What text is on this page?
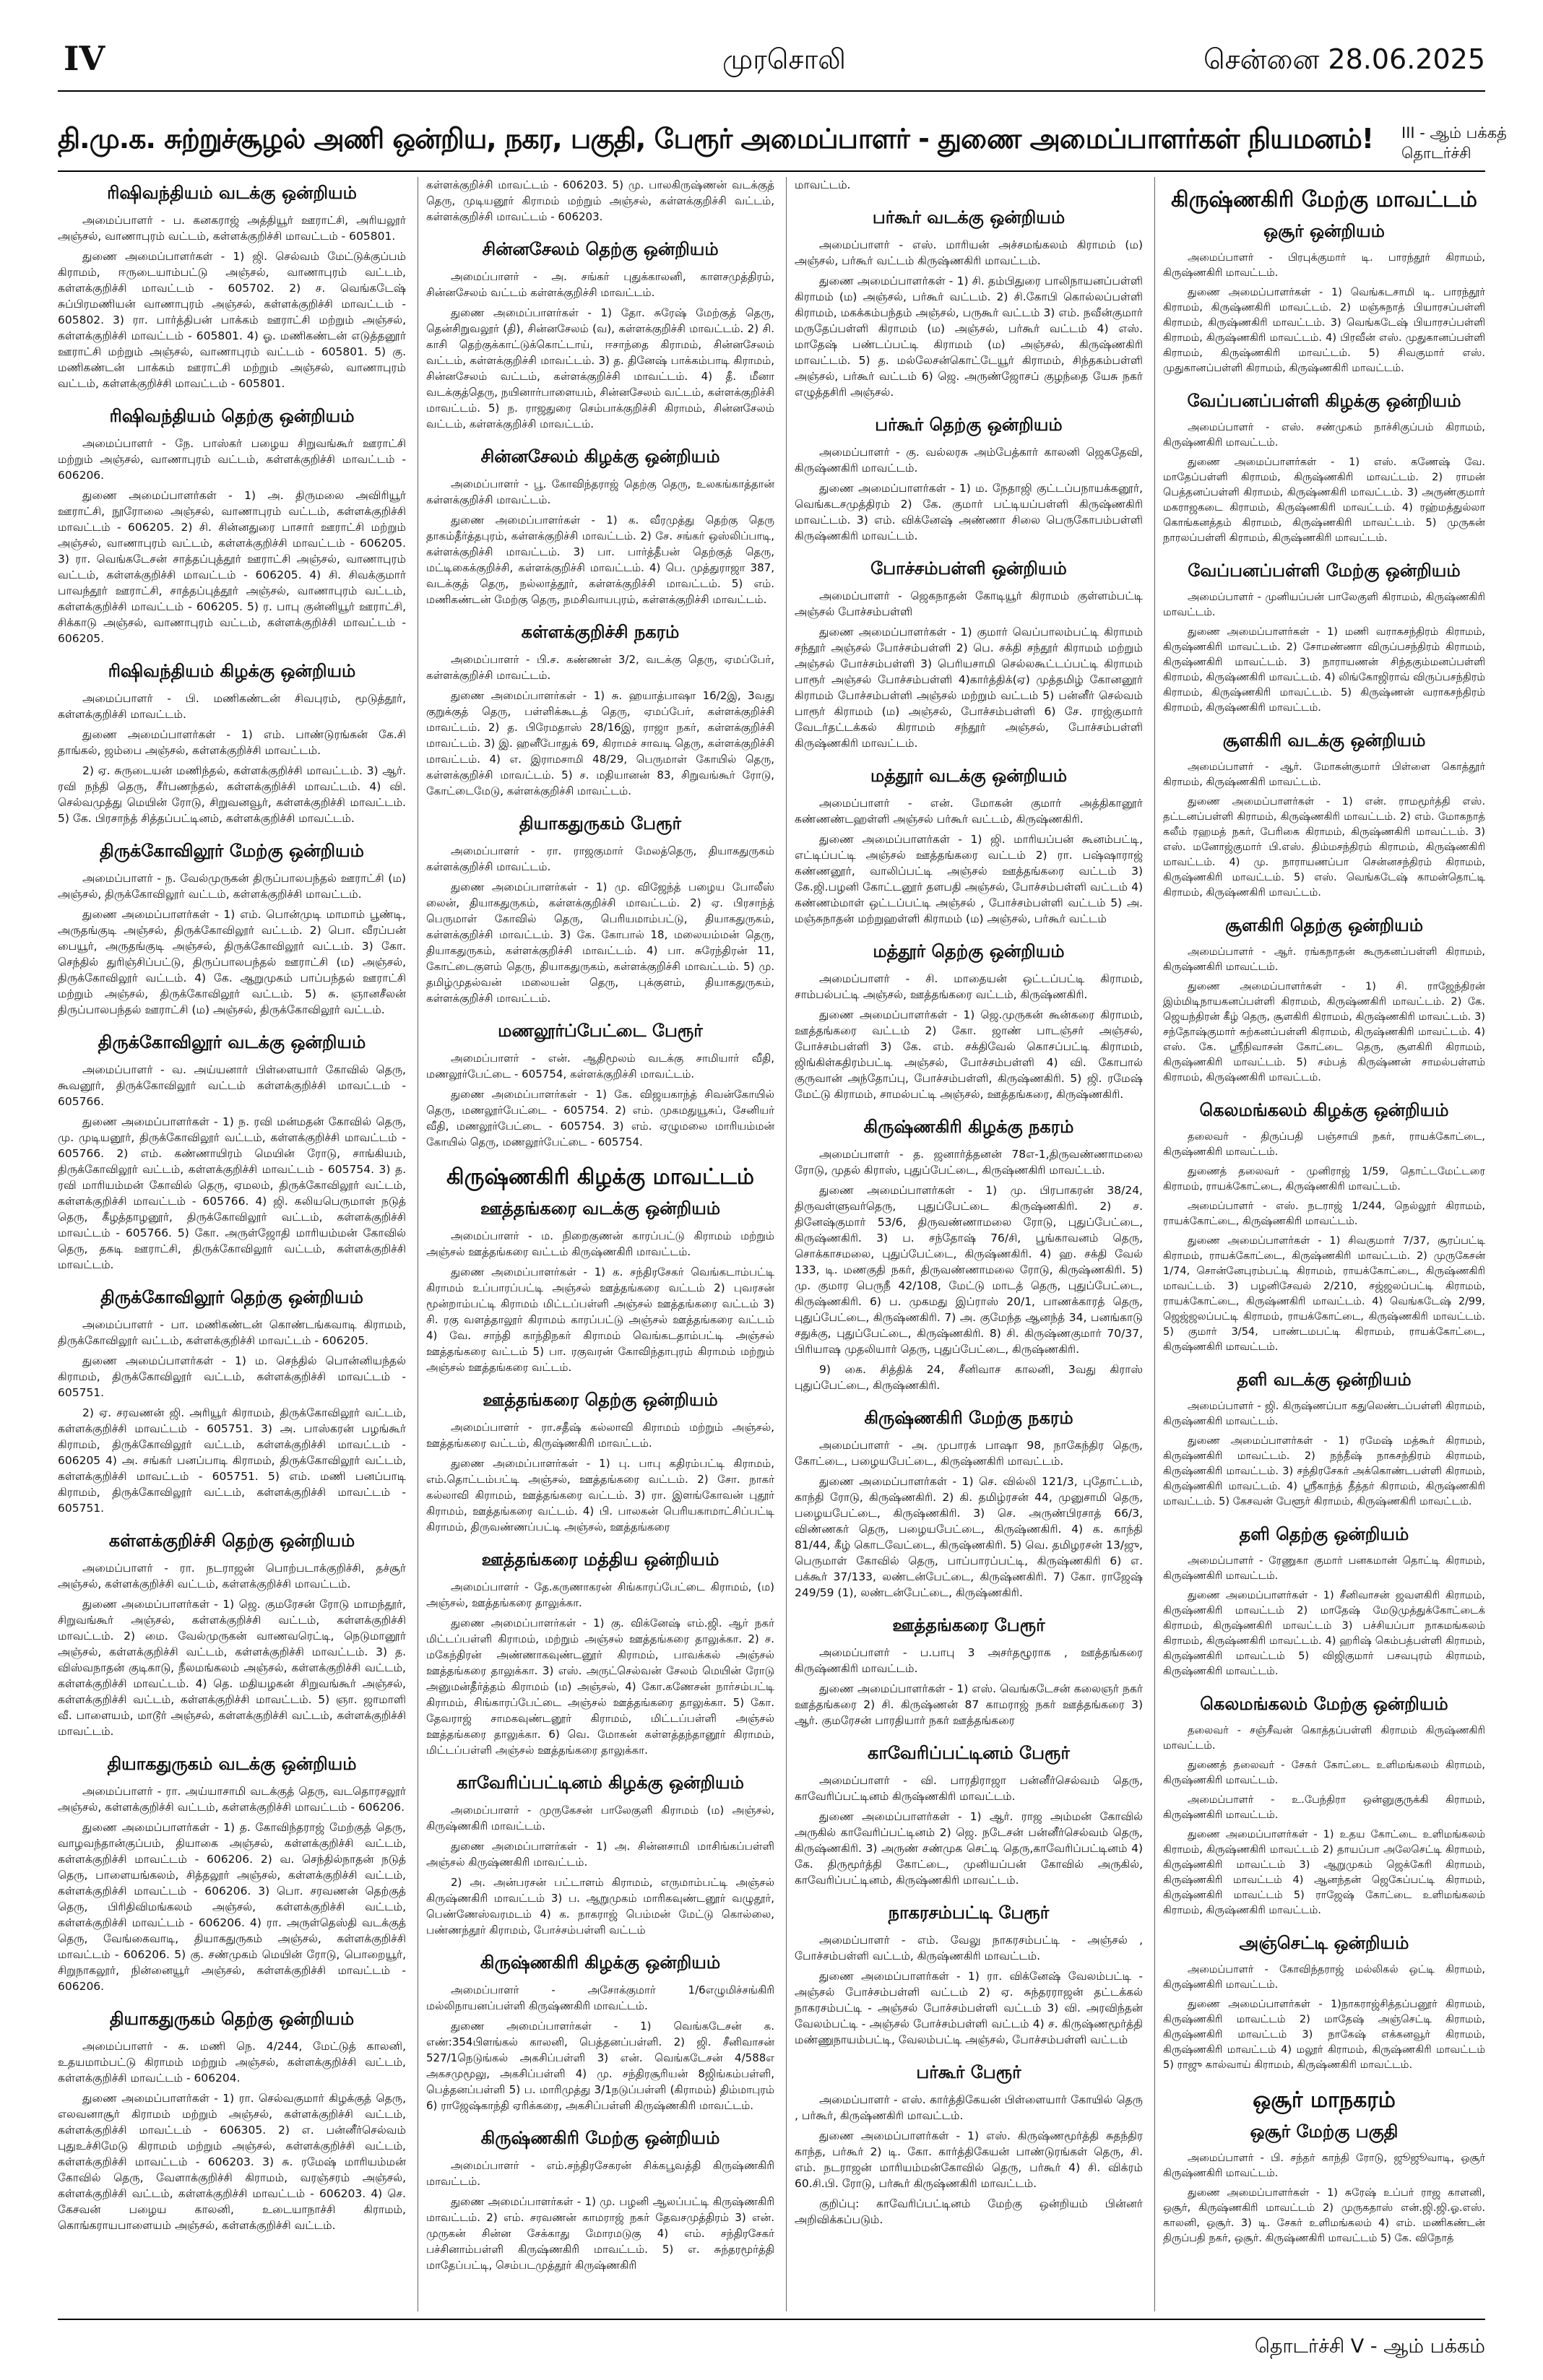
IV	முரசொலி	சென்னை 28.06.2025
தி.மு.க. சுற்றுச்சூழல் அணி ஒன்றிய, நகர, பகுதி, பேரூர் அமைப்பாளர் - துணை அமைப்பாளர்கள் நியமனம்! III - ஆம் பக்கத்
தொடர்ச்சி
ரிஷிவந்தியம் வடக்கு ஒன்றியம்

அமைப்பாளர் - ப. கனகராஜ் அத்தியூர் ஊராட்சி, அரியலூர் அஞ்சல், வாணாபுரம் வட்டம், கள்ளக்குறிச்சி மாவட்டம் - 605801.

துணை அமைப்பாளர்கள் - 1) ஜி. செல்வம் மேட்டுக்குப்பம் கிராமம், ஈருடையாம்பட்டு அஞ்சல், வாணாபுரம் வட்டம், கள்ளக்குறிச்சி மாவட்டம் - 605702. 2) ச. வெங்கடேஷ் சுப்பிரமணியன் வாணாபுரம் அஞ்சல், கள்ளக்குறிச்சி மாவட்டம் - 605802. 3) ரா. பார்த்திபன் பாக்கம் ஊராட்சி மற்றும் அஞ்சல், கள்ளக்குறிச்சி மாவட்டம் - 605801. 4) ஓ. மணிகண்டன் எடுத்தனூர் ஊராட்சி மற்றும் அஞ்சல், வாணாபுரம் வட்டம் - 605801. 5) கு. மணிகண்டன் பாக்கம் ஊராட்சி மற்றும் அஞ்சல், வாணாபுரம் வட்டம், கள்ளக்குறிச்சி மாவட்டம் - 605801.

ரிஷிவந்தியம் தெற்கு ஒன்றியம்

அமைப்பாளர் - நே. பாஸ்கர் பழைய சிறுவங்கூர் ஊராட்சி மற்றும் அஞ்சல், வாணாபுரம் வட்டம், கள்ளக்குறிச்சி மாவட்டம் - 606206.

துணை அமைப்பாளர்கள் - 1) அ. திருமலை அவிரியூர் ஊராட்சி, நூரோலை அஞ்சல், வாணாபுரம் வட்டம், கள்ளக்குறிச்சி மாவட்டம் - 606205. 2) சி. சின்னதுரை பாசார் ஊராட்சி மற்றும் அஞ்சல், வாணாபுரம் வட்டம், கள்ளக்குறிச்சி மாவட்டம் - 606205. 3) ரா. வெங்கடேசன் சாத்தப்புத்தூர் ஊராட்சி அஞ்சல், வாணாபுரம் வட்டம், கள்ளக்குறிச்சி மாவட்டம் - 606205. 4) சி. சிவக்குமார் பாவந்தூர் ஊராட்சி, சாத்தப்புத்தூர் அஞ்சல், வாணாபுரம் வட்டம், கள்ளக்குறிச்சி மாவட்டம் - 606205. 5) ர. பாபு குன்னியூர் ஊராட்சி, சிக்காடு அஞ்சல், வாணாபுரம் வட்டம், கள்ளக்குறிச்சி மாவட்டம் - 606205.

ரிஷிவந்தியம் கிழக்கு ஒன்றியம்

அமைப்பாளர் - பி. மணிகண்டன் சிவபுரம், மூடுத்தூர், கள்ளக்குறிச்சி மாவட்டம்.

துணை அமைப்பாளர்கள் - 1) எம். பாண்டுரங்கன் கே.சி தாங்கல், ஜம்பை அஞ்சல், கள்ளக்குறிச்சி மாவட்டம்.

2) ஏ. சுருடையன் மணிந்தல், கள்ளக்குறிச்சி மாவட்டம். 3) ஆர். ரவி நந்தி தெரு, சீர்பணந்தல், கள்ளக்குறிச்சி மாவட்டம். 4) வி. செல்வமுத்து மெயின் ரோடு, சிறுவனவூர், கள்ளக்குறிச்சி மாவட்டம். 5) கே. பிரசாந்த் சித்தப்பட்டினம், கள்ளக்குறிச்சி மாவட்டம்.

திருக்கோவிலூர் மேற்கு ஒன்றியம்

அமைப்பாளர் - ந. வேல்முருகன் திருப்பாலபந்தல் ஊராட்சி (ம) அஞ்சல், திருக்கோவிலூர் வட்டம், கள்ளக்குறிச்சி மாவட்டம்.

துணை அமைப்பாளர்கள் - 1) எம். பொன்முடி மாமாம் பூண்டி, அருதங்குடி அஞ்சல், திருக்கோவிலூர் வட்டம். 2) பொ. வீரப்பன் பையூர், அருதங்குடி அஞ்சல், திருக்கோவிலூர் வட்டம். 3) கோ. செந்தில் துரிஞ்சிப்பட்டு, திருப்பாலபந்தல் ஊராட்சி (ம) அஞ்சல், திருக்கோவிலூர் வட்டம். 4) கே. ஆறுமுகம் பாப்பந்தல் ஊராட்சி மற்றும் அஞ்சல், திருக்கோவிலூர் வட்டம். 5) சு. ஞானசீலன் திருப்பாலபந்தல் ஊராட்சி (ம) அஞ்சல், திருக்கோவிலூர் வட்டம்.

திருக்கோவிலூர் வடக்கு ஒன்றியம்

அமைப்பாளர் - வ. அய்யனார் பிள்ளையார் கோவில் தெரு, கூவனூர், திருக்கோவிலூர் வட்டம் கள்ளக்குறிச்சி மாவட்டம் - 605766.

துணை அமைப்பாளர்கள் - 1) ந. ரவி மன்மதன் கோவில் தெரு, மு. முடியனூர், திருக்கோவிலூர் வட்டம், கள்ளக்குறிச்சி மாவட்டம் - 605766. 2) எம். கண்ணாயிரம் மெயின் ரோடு, சாங்கியம், திருக்கோவிலூர் வட்டம், கள்ளக்குறிச்சி மாவட்டம் - 605754. 3) த. ரவி மாரியம்மன் கோவில் தெரு, ஏமலம், திருக்கோவிலூர் வட்டம், கள்ளக்குறிச்சி மாவட்டம் - 605766. 4) ஜி. கலியபெருமாள் நடுத் தெரு, கீழத்தாழனூர், திருக்கோவிலூர் வட்டம், கள்ளக்குறிச்சி மாவட்டம் - 605766. 5) கோ. அருள்ஜோதி மாரியம்மன் கோவில் தெரு, தகடி ஊராட்சி, திருக்கோவிலூர் வட்டம், கள்ளக்குறிச்சி மாவட்டம்.

திருக்கோவிலூர் தெற்கு ஒன்றியம்

அமைப்பாளர் - பா. மணிகண்டன் கொண்டங்கவாடி கிராமம், திருக்கோவிலூர் வட்டம், கள்ளக்குறிச்சி மாவட்டம் - 606205.

துணை அமைப்பாளர்கள் - 1) ம. செந்தில் பொன்னியந்தல் கிராமம், திருக்கோவிலூர் வட்டம், கள்ளக்குறிச்சி மாவட்டம் - 605751.

2) ஏ. சரவணன் ஜி. அரியூர் கிராமம், திருக்கோவிலூர் வட்டம், கள்ளக்குறிச்சி மாவட்டம் - 605751. 3) அ. பாஸ்கரன் பழங்கூர் கிராமம், திருக்கோவிலூர் வட்டம், கள்ளக்குறிச்சி மாவட்டம் - 606205 4) அ. சங்கர் பனப்பாடி கிராமம், திருக்கோவிலூர் வட்டம், கள்ளக்குறிச்சி மாவட்டம் - 605751. 5) எம். மணி பனப்பாடி கிராமம், திருக்கோவிலூர் வட்டம், கள்ளக்குறிச்சி மாவட்டம் - 605751.

கள்ளக்குறிச்சி தெற்கு ஒன்றியம்

அமைப்பாளர் - ரா. நடராஜன் பொற்படாக்குறிச்சி, தச்சூர் அஞ்சல், கள்ளக்குறிச்சி வட்டம், கள்ளக்குறிச்சி மாவட்டம்.

துணை அமைப்பாளர்கள் - 1) ஜெ. குமரேசன் ரோடு மாமந்தூர், சிறுவங்கூர் அஞ்சல், கள்ளக்குறிச்சி வட்டம், கள்ளக்குறிச்சி மாவட்டம். 2) மை. வேல்முருகன் வாணவரெட்டி, நெடுமானூர் அஞ்சல், கள்ளக்குறிச்சி வட்டம், கள்ளக்குறிச்சி மாவட்டம். 3) த. விஸ்வநாதன் குடிகாடு, நீலமங்கலம் அஞ்சல், கள்ளக்குறிச்சி வட்டம், கள்ளக்குறிச்சி மாவட்டம். 4) தெ. மதியழகன் சிறுவங்கூர் அஞ்சல், கள்ளக்குறிச்சி வட்டம், கள்ளக்குறிச்சி மாவட்டம். 5) ஞா. ஜாமாளி வீ. பாளையம், மாடூர் அஞ்சல், கள்ளக்குறிச்சி வட்டம், கள்ளக்குறிச்சி மாவட்டம்.

தியாகதுருகம் வடக்கு ஒன்றியம்

அமைப்பாளர் - ரா. அய்யாசாமி வடக்குத் தெரு, வடதொரசலூர் அஞ்சல், கள்ளக்குறிச்சி வட்டம், கள்ளக்குறிச்சி மாவட்டம் - 606206.

துணை அமைப்பாளர்கள் - 1) த. கோவிந்தராஜ் மேற்குத் தெரு, வாழவந்தான்குப்பம், தியாகை அஞ்சல், கள்ளக்குறிச்சி வட்டம், கள்ளக்குறிச்சி மாவட்டம் - 606206. 2) வ. செந்தில்நாதன் நடுத் தெரு, பாளையங்கலம், சித்தலூர் அஞ்சல், கள்ளக்குறிச்சி வட்டம், கள்ளக்குறிச்சி மாவட்டம் - 606206. 3) பொ. சரவணன் தெற்குத் தெரு, பிரிதிவிமங்கலம் அஞ்சல், கள்ளக்குறிச்சி வட்டம், கள்ளக்குறிச்சி மாவட்டம் - 606206. 4) ரா. அருள்தெஸ்தி வடக்குத் தெரு, வேங்கைவாடி, தியாகதுருகம் அஞ்சல், கள்ளக்குறிச்சி மாவட்டம் - 606206. 5) கு. சண்முகம் மெயின் ரோடு, பொறையூர், சிறுநாகலூர், நின்னையூர் அஞ்சல், கள்ளக்குறிச்சி மாவட்டம் - 606206.

தியாகதுருகம் தெற்கு ஒன்றியம்

அமைப்பாளர் - சு. மணி நெ. 4/244, மேட்டுத் காலனி, உதயமாம்பட்டு கிராமம் மற்றும் அஞ்சல், கள்ளக்குறிச்சி வட்டம், கள்ளக்குறிச்சி மாவட்டம் - 606204.

துணை அமைப்பாளர்கள் - 1) ரா. செல்வகுமார் கிழக்குத் தெரு, எலவனாசூர் கிராமம் மற்றும் அஞ்சல், கள்ளக்குறிச்சி வட்டம், கள்ளக்குறிச்சி மாவட்டம் - 606305. 2) எ. பன்னீர்செல்வம் புதுஉச்சிமேடு கிராமம் மற்றும் அஞ்சல், கள்ளக்குறிச்சி வட்டம், கள்ளக்குறிச்சி மாவட்டம் - 606203. 3) சு. ரமேஷ் மாரியம்மன் கோவில் தெரு, வேளாக்குறிச்சி கிராமம், வரஞ்சரம் அஞ்சல், கள்ளக்குறிச்சி வட்டம், கள்ளக்குறிச்சி மாவட்டம் - 606203. 4) செ. கேசவன் பழைய காலனி, உடையாநாச்சி கிராமம், கொங்கராயபாளையம் அஞ்சல், கள்ளக்குறிச்சி வட்டம்.

கள்ளக்குறிச்சி மாவட்டம் - 606203. 5) மு. பாலகிருஷ்ணன் வடக்குத் தெரு, முடியனூர் கிராமம் மற்றும் அஞ்சல், கள்ளக்குறிச்சி வட்டம், கள்ளக்குறிச்சி மாவட்டம் - 606203.

சின்னசேலம் தெற்கு ஒன்றியம்

அமைப்பாளர் - அ. சங்கர் புதுக்காலனி, காளசமுத்திரம், சின்னசேலம் வட்டம் கள்ளக்குறிச்சி மாவட்டம்.

துணை அமைப்பாளர்கள் - 1) தோ. சுரேஷ் மேற்குத் தெரு, தென்சிறுவலூர் (தி), சின்னசேலம் (வ), கள்ளக்குறிச்சி மாவட்டம். 2) சி. காசி தெற்குக்காட்டுக்கொட்டாய், ஈசாந்தை கிராமம், சின்னசேலம் வட்டம், கள்ளக்குறிச்சி மாவட்டம். 3) த. தினேஷ் பாக்கம்பாடி கிராமம், சின்னசேலம் வட்டம், கள்ளக்குறிச்சி மாவட்டம். 4) தீ. மீனா வடக்குத்தெரு, நயினார்பாளையம், சின்னசேலம் வட்டம், கள்ளக்குறிச்சி மாவட்டம். 5) ந. ராஜதுரை செம்பாக்குறிச்சி கிராமம், சின்னசேலம் வட்டம், கள்ளக்குறிச்சி மாவட்டம்.

சின்னசேலம் கிழக்கு ஒன்றியம்

அமைப்பாளர் - பூ. கோவிந்தராஜ் தெற்கு தெரு, உலகங்காத்தான் கள்ளக்குறிச்சி மாவட்டம்.

துணை அமைப்பாளர்கள் - 1) க. வீரமுத்து தெற்கு தெரு தாகம்தீர்த்தபுரம், கள்ளக்குறிச்சி மாவட்டம். 2) சே. சங்கர் ஒஸ்லிப்பாடி, கள்ளக்குறிச்சி மாவட்டம். 3) பா. பார்த்தீபன் தெற்குத் தெரு, மட்டிகைக்குறிச்சி, கள்ளக்குறிச்சி மாவட்டம். 4) பெ. முத்துராஜா 387, வடக்குத் தெரு, நல்லாத்தூர், கள்ளக்குறிச்சி மாவட்டம். 5) எம். மணிகண்டன் மேற்கு தெரு, நமசிவாயபுரம், கள்ளக்குறிச்சி மாவட்டம்.

கள்ளக்குறிச்சி நகரம்

அமைப்பாளர் - பி.ச. கண்ணன் 3/2, வடக்கு தெரு, ஏமப்பேர், கள்ளக்குறிச்சி மாவட்டம்.

துணை அமைப்பாளர்கள் - 1) சு. ஹயாத்பாஷா 16/2இ, 3வது குறுக்குத் தெரு, பள்ளிக்கூடத் தெரு, ஏமப்பேர், கள்ளக்குறிச்சி மாவட்டம். 2) த. பிரேமதாஸ் 28/16இ, ராஜா நகர், கள்ளக்குறிச்சி மாவட்டம். 3) இ. ஹனீபோதுக் 69, கிராமச் சாவடி தெரு, கள்ளக்குறிச்சி மாவட்டம். 4) எ. இராமசாமி 48/29, பெருமாள் கோயில் தெரு, கள்ளக்குறிச்சி மாவட்டம். 5) ச. மதியானன் 83, சிறுவங்கூர் ரோடு, கோட்டைமேடு, கள்ளக்குறிச்சி மாவட்டம்.

தியாகதுருகம் பேரூர்

அமைப்பாளர் - ரா. ராஜகுமார் மேலத்தெரு, தியாகதுருகம் கள்ளக்குறிச்சி மாவட்டம்.

துணை அமைப்பாளர்கள் - 1) மு. விஜேந்த் பழைய போலீஸ் லைன், தியாகதுருகம், கள்ளக்குறிச்சி மாவட்டம். 2) ஏ. பிரசாந்த் பெருமாள் கோவில் தெரு, பெரியமாம்பட்டு, தியாகதுருகம், கள்ளக்குறிச்சி மாவட்டம். 3) கே. கோபால் 18, மலையம்மன் தெரு, தியாகதுருகம், கள்ளக்குறிச்சி மாவட்டம். 4) பா. சுரேந்திரன் 11, கோட்டைகுளம் தெரு, தியாகதுருகம், கள்ளக்குறிச்சி மாவட்டம். 5) மு. தமிழ்முதல்வன் மலையன் தெரு, புக்குளம், தியாகதுருகம், கள்ளக்குறிச்சி மாவட்டம்.

மணலூர்ப்பேட்டை பேரூர்

அமைப்பாளர் - என். ஆதிமூலம் வடக்கு சாமியார் வீதி, மணலூர்பேட்டை - 605754, கள்ளக்குறிச்சி மாவட்டம்.

துணை அமைப்பாளர்கள் - 1) கே. விஜயகாந்த் சிவன்கோயில் தெரு, மணலூர்பேட்டை - 605754. 2) எம். முகமதுயூசுப், சேனியர் வீதி, மணலூர்பேட்டை - 605754. 3) எம். ஏழுமலை மாரியம்மன் கோயில் தெரு, மணலூர்பேட்டை - 605754.

கிருஷ்ணகிரி கிழக்கு மாவட்டம்
ஊத்தங்கரை வடக்கு ஒன்றியம்

அமைப்பாளர் - ம. நிறைகுணன் காரப்பட்டு கிராமம் மற்றும் அஞ்சல் ஊத்தங்கரை வட்டம் கிருஷ்ணகிரி மாவட்டம்.

துணை அமைப்பாளர்கள் - 1) க. சந்திரசேகர் வெங்கடாம்பட்டி கிராமம் உப்பாரப்பட்டி அஞ்சல் ஊத்தங்கரை வட்டம் 2) புவரசன் மூன்றாம்பட்டி கிராமம் மிட்டப்பள்ளி அஞ்சல் ஊத்தங்கரை வட்டம் 3) சி. ரகு வளத்தாலூர் கிராமம் காரப்பட்டு அஞ்சல் ஊத்தங்கரை வட்டம் 4) வே. சாந்தி காந்திநகர் கிராமம் வெங்கடதாம்பட்டி அஞ்சல் ஊத்தங்கரை வட்டம் 5) பா. ரகுவரன் கோவிந்தாபுரம் கிராமம் மற்றும் அஞ்சல் ஊத்தங்கரை வட்டம்.

ஊத்தங்கரை தெற்கு ஒன்றியம்

அமைப்பாளர் - ரா.சதீஷ் கல்லாவி கிராமம் மற்றும் அஞ்சல், ஊத்தங்கரை வட்டம், கிருஷ்ணகிரி மாவட்டம்.

துணை அமைப்பாளர்கள் - 1) பு. பாபு கதிரம்பட்டி கிராமம், எம்.தொட்டம்பட்டி அஞ்சல், ஊத்தங்கரை வட்டம். 2) சோ. நாகர் கல்லாவி கிராமம், ஊத்தங்கரை வட்டம். 3) ரா. இளங்கோவன் புதூர் கிராமம், ஊத்தங்கரை வட்டம். 4) பி. பாலகன் பெரியகாமாட்சிப்பட்டி கிராமம், திருவண்ணப்பட்டி அஞ்சல், ஊத்தங்கரை

ஊத்தங்கரை மத்திய ஒன்றியம்

அமைப்பாளர் - தே.கருணாகரன் சிங்காரப்பேட்டை கிராமம், (ம) அஞ்சல், ஊத்தங்கரை தாலுக்கா.

துணை அமைப்பாளர்கள் - 1) கு. விக்னேஷ் எம்.ஜி. ஆர் நகர் மிட்டப்பள்ளி கிராமம், மற்றும் அஞ்சல் ஊத்தங்கரை தாலுக்கா. 2) ச. மகேந்திரன் அண்ணாகவுண்டனூர் கிராமம், பாவக்கல் அஞ்சல் ஊத்தங்கரை தாலுக்கா. 3) எஸ். அருட்செல்வன் சேலம் மெயின் ரோடு அனுமன்தீர்த்தம் கிராமம் (ம) அஞ்சல், 4) கோ.கணேசன் நார்சம்பட்டி கிராமம், சிங்காரப்பேட்டை அஞ்சல் ஊத்தங்கரை தாலுக்கா. 5) கோ. தேவராஜ் சாமகவுண்டனூர் கிராமம், மிட்டப்பள்ளி அஞ்சல் ஊத்தங்கரை தாலுக்கா. 6) வெ. மோகன் கள்ளத்தந்தானூர் கிராமம், மிட்டப்பள்ளி அஞ்சல் ஊத்தங்கரை தாலுக்கா.

காவேரிப்பட்டினம் கிழக்கு ஒன்றியம்

அமைப்பாளர் - முருகேசன் பாலேகுளி கிராமம் (ம) அஞ்சல், கிருஷ்ணகிரி மாவட்டம்.

துணை அமைப்பாளர்கள் - 1) அ. சின்னசாமி மாசிங்கப்பள்ளி அஞ்சல் கிருஷ்ணகிரி மாவட்டம்.

2) அ. அன்பரசன் பட்டாளம் கிராமம், எருமாம்பட்டி அஞ்சல் கிருஷ்ணகிரி மாவட்டம் 3) ப. ஆறுமுகம் மாரிகவுண்டனூர் வழுதூர், பெண்ணேஸ்வரமடம் 4) க. நாகராஜ் பெம்மன் மேட்டு கொல்லை, பண்ணந்தூர் கிராமம், போச்சம்பள்ளி வட்டம்

கிருஷ்ணகிரி கிழக்கு ஒன்றியம்

அமைப்பாளர் - அசோக்குமார் 1/6எழுமிச்சங்கிரி மல்லிநாயனப்பள்ளி கிருஷ்ணகிரி மாவட்டம்.

துணை அமைப்பாளர்கள் - 1) வெங்கடேசன் க. எண்:354பிளங்கல் காலனி, பெத்தனப்பள்ளி. 2) ஜி. சீனிவாசன் 527/1நெடுங்கல் அகசிப்பள்ளி 3) என். வெங்கடேசன் 4/588எ அகசமுமூலு, அகசிப்பள்ளி 4) மு. சந்திரசூரியன் 8ஜிங்கம்பள்ளி, பெத்தனப்பள்ளி 5) ப. மாரிமுத்து 3/1நடுப்பள்ளி (கிராமம்) திம்மாபுரம் 6) ராஜேஷ்காந்தி ஏரிக்கரை, அகசிப்பள்ளி கிருஷ்ணகிரி மாவட்டம்.

கிருஷ்ணகிரி மேற்கு ஒன்றியம்

அமைப்பாளர் - எம்.சந்திரசேகரன் சிக்கபூவத்தி கிருஷ்ணகிரி மாவட்டம்.

துணை அமைப்பாளர்கள் - 1) மு. பழனி ஆலப்பட்டி கிருஷ்ணகிரி மாவட்டம். 2) எம். சரவணன் காமராஜ் நகர் தேவசமுத்திரம் 3) என். முருகன் சின்ன சேக்காது மோரமடுகு 4) எம். சந்திரசேகர் பச்சினாம்பள்ளி கிருஷ்ணகிரி மாவட்டம். 5) எ. சுந்தரமூர்த்தி மாதேப்பட்டி, செம்படமுத்தூர் கிருஷ்ணகிரி

மாவட்டம்.

பர்கூர் வடக்கு ஒன்றியம்

அமைப்பாளர் - எஸ். மாரியன் அச்சமங்கலம் கிராமம் (ம) அஞ்சல், பர்கூர் வட்டம் கிருஷ்ணகிரி மாவட்டம்.

துணை அமைப்பாளர்கள் - 1) சி. தம்பிதுரை பாலிநாயனப்பள்ளி கிராமம் (ம) அஞ்சல், பர்கூர் வட்டம். 2) சி.கோபி கொல்லப்பள்ளி கிராமம், மகக்கம்பந்தம் அஞ்சல், பருகூர் வட்டம் 3) எம். நவீன்குமார் மருதேப்பள்ளி கிராமம் (ம) அஞ்சல், பர்கூர் வட்டம் 4) எஸ். மாதேஷ் பண்டப்பட்டி கிராமம் (ம) அஞ்சல், கிருஷ்ணகிரி மாவட்டம். 5) த. மல்லேசன்கொட்டேயூர் கிராமம், சிந்தகம்பள்ளி அஞ்சல், பர்கூர் வட்டம் 6) ஜெ. அருண்ஜோசப் குழந்தை யேசு நகர் எழுத்தசிரி அஞ்சல்.

பர்கூர் தெற்கு ஒன்றியம்

அமைப்பாளர் - கு. வல்லரசு அம்பேத்கார் காலனி ஜெகதேவி, கிருஷ்ணகிரி மாவட்டம்.

துணை அமைப்பாளர்கள் - 1) ம. நேதாஜி குட்டப்பநாயக்கனூர், வெங்கடசமுத்திரம் 2) கே. குமார் பட்டியப்பள்ளி கிருஷ்ணகிரி மாவட்டம். 3) எம். விக்னேஷ் அண்ணா சிலை பெருகோபம்பள்ளி கிருஷ்ணகிரி மாவட்டம்.

போச்சம்பள்ளி ஒன்றியம்

அமைப்பாளர் - ஜெகநாதன் கோடியூர் கிராமம் குள்ளம்பட்டி அஞ்சல் போச்சம்பள்ளி

துணை அமைப்பாளர்கள் - 1) குமார் வெப்பாலம்பட்டி கிராமம் சந்தூர் அஞ்சல் போச்சம்பள்ளி 2) பெ. சக்தி சந்தூர் கிராமம் மற்றும் அஞ்சல் போச்சம்பள்ளி 3) பெரியசாமி செல்லகூட்டப்பட்டி கிராமம் பாரூர் அஞ்சல் போச்சம்பள்ளி 4)கார்த்திக்(ஏ) முத்தமிழ் கோனனூர் கிராமம் போச்சம்பள்ளி அஞ்சல் மற்றும் வட்டம் 5) பன்னீர் செல்வம் பாரூர் கிராமம் (ம) அஞ்சல், போச்சம்பள்ளி 6) சே. ராஜ்குமார் வேடர்தட்டக்கல் கிராமம் சந்தூர் அஞ்சல், போச்சம்பள்ளி கிருஷ்ணகிரி மாவட்டம்.

மத்தூர் வடக்கு ஒன்றியம்

அமைப்பாளர் - என். மோகன் குமார் அத்திகானூர் கண்ணண்டஹள்ளி அஞ்சல் பர்கூர் வட்டம், கிருஷ்ணகிரி.

துணை அமைப்பாளர்கள் - 1) ஜி. மாரியப்பன் கூனம்பட்டி, எட்டிப்பட்டி அஞ்சல் ஊத்தங்கரை வட்டம் 2) ரா. பஷ்ஷாராஜ் கண்ணனூர், வாலிப்பட்டி அஞ்சல் ஊத்தங்கரை வட்டம் 3) கே.ஜி.பழனி கோட்டனூர் தளபதி அஞ்சல், போச்சம்பள்ளி வட்டம் 4) கண்ணம்மாள் ஒட்டப்பட்டி அஞ்சல் , போச்சம்பள்ளி வட்டம் 5) அ. மஞ்சுநாதன் மற்றுஹள்ளி கிராமம் (ம) அஞ்சல், பர்கூர் வட்டம்

மத்தூர் தெற்கு ஒன்றியம்

அமைப்பாளர் - சி. மாதையன் ஒட்டப்பட்டி கிராமம், சாம்பல்பட்டி அஞ்சல், ஊத்தங்கரை வட்டம், கிருஷ்ணகிரி.

துணை அமைப்பாளர்கள் - 1) ஜெ.முருகன் கூன்கரை கிராமம், ஊத்தங்கரை வட்டம் 2) கோ. ஜாண் பாடஞ்சர் அஞ்சல், போச்சம்பள்ளி 3) கே. எம். சக்திவேல் கொசப்பட்டி கிராமம், ஜிங்கிள்கதிரம்பட்டி அஞ்சல், போச்சம்பள்ளி 4) வி. கோபால் குருவான் அந்தோப்பு, போச்சம்பள்ளி, கிருஷ்ணகிரி. 5) ஜி. ரமேஷ் மேட்டு கிராமம், சாமல்பட்டி அஞ்சல், ஊத்தங்கரை, கிருஷ்ணகிரி.

கிருஷ்ணகிரி கிழக்கு நகரம்

அமைப்பாளர் - த. ஜனார்த்தனன் 78எ-1,திருவண்ணாமலை ரோடு, முதல் கிராஸ், புதுப்பேட்டை, கிருஷ்ணகிரி மாவட்டம்.

துணை அமைப்பாளர்கள் - 1) மு. பிரபாகரன் 38/24, திருவள்ளுவர்தெரு, புதுப்பேட்டை கிருஷ்ணகிரி. 2) ச. தினேஷ்குமார் 53/6, திருவண்ணாமலை ரோடு, புதுப்பேட்டை, கிருஷ்ணகிரி. 3) ப. சந்தோஷ் 76/சி, பூங்காவனம் தெரு, சொக்காசமலை, புதுப்பேட்டை, கிருஷ்ணகிரி. 4) ஹ. சக்தி வேல் 133, டி. மணகுதி நகர், திருவண்ணாமலை ரோடு, கிருஷ்ணகிரி. 5) மு. குமார பெருநீ 42/108, மேட்டு மாடத் தெரு, புதுப்பேட்டை, கிருஷ்ணகிரி. 6) ப. முகமது இப்ராஸ் 20/1, பாணக்காரத் தெரு, புதுப்பேட்டை, கிருஷ்ணகிரி. 7) அ. குமேந்த ஆனந்த் 34, பனங்காடு சதுக்கு, புதுப்பேட்டை, கிருஷ்ணகிரி. 8) சி. கிருஷ்ணகுமார் 70/37, பிரியாஷ முதலியார் தெரு, புதுப்பேட்டை, கிருஷ்ணகிரி.

9) கை. சித்திக் 24, சீனிவாச காலனி, 3வது கிராஸ் புதுப்பேட்டை, கிருஷ்ணகிரி.

கிருஷ்ணகிரி மேற்கு நகரம்

அமைப்பாளர் - அ. முபாரக் பாஷா 98, நாகேந்திர தெரு, கோட்டை, பழையபேட்டை, கிருஷ்ணகிரி மாவட்டம்.

துணை அமைப்பாளர்கள் - 1) செ. வில்லி 121/3, புதோட்டம், காந்தி ரோடு, கிருஷ்ணகிரி. 2) கி. தமிழ்ரசன் 44, முனுசாமி தெரு, பழையபேட்டை, கிருஷ்ணகிரி. 3) செ. அருண்பிரசாத் 66/3, விண்ணகர் தெரு, பழையபேட்டை, கிருஷ்ணகிரி. 4) க. காந்தி 81/44, கீழ் கொடவேட்டை, கிருஷ்ணகிரி. 5) வெ. தமிழரசன் 13/ஜு, பெருமாள் கோவில் தெரு, பாப்பாரப்பட்டி, கிருஷ்ணகிரி 6) எ. பக்கூர் 37/133, லண்டன்பேட்டை, கிருஷ்ணகிரி. 7) கோ. ராஜேஷ் 249/59 (1), லண்டன்பேட்டை, கிருஷ்ணகிரி.

ஊத்தங்கரை பேரூர்

அமைப்பாளர் - ப.பாபு 3 அசர்தழூராக , ஊத்தங்கரை கிருஷ்ணகிரி மாவட்டம்.

துணை அமைப்பாளர்கள் - 1) எஸ். வெங்கடேசன் கலைஞர் நகர் ஊத்தங்கரை 2) சி. கிருஷ்ணன் 87 காமராஜ் நகர் ஊத்தங்கரை 3) ஆர். குமரேசன் பாரதியார் நகர் ஊத்தங்கரை

காவேரிப்பட்டினம் பேரூர்

அமைப்பாளர் - வி. பாரதிராஜா பன்னீர்செல்வம் தெரு, காவேரிப்பட்டினம் கிருஷ்ணகிரி மாவட்டம்.

துணை அமைப்பாளர்கள் - 1) ஆர். ராஜ அம்மன் கோவில் அருகில் காவேரிப்பட்டினம் 2) ஜெ. நடேசன் பன்னீர்செல்வம் தெரு, கிருஷ்ணகிரி. 3) அருண் சண்முக செட்டி தெரு,காவேரிப்பட்டினம் 4) கே. திருமூர்த்தி கோட்டை, முனியப்பன் கோவில் அருகில், காவேரிப்பட்டினம், கிருஷ்ணகிரி மாவட்டம்.

நாகரசம்பட்டி பேரூர்

அமைப்பாளர் - எம். வேலு நாகரசம்பட்டி - அஞ்சல் , போச்சம்பள்ளி வட்டம், கிருஷ்ணகிரி மாவட்டம்.

துணை அமைப்பாளர்கள் - 1) ரா. விக்னேஷ் வேலம்பட்டி - அஞ்சல் போச்சம்பள்ளி வட்டம் 2) ஏ. சுந்தரராஜன் தட்டக்கல் நாகரசம்பட்டி - அஞ்சல் போச்சம்பள்ளி வட்டம் 3) வி. அரவிந்தன் வேலம்பட்டி - அஞ்சல் போச்சம்பள்ளி வட்டம் 4) ச. கிருஷ்ணமூர்த்தி மண்ணுநாயம்பட்டி, வேலம்பட்டி அஞ்சல், போச்சம்பள்ளி வட்டம்

பர்கூர் பேரூர்

அமைப்பாளர் - எஸ். கார்த்திகேயன் பிள்ளையார் கோயில் தெரு , பர்கூர், கிருஷ்ணகிரி மாவட்டம்.

துணை அமைப்பாளர்கள் - 1) எஸ். கிருஷ்ணமூர்த்தி சுதந்திர காந்த, பர்கூர் 2) டி. கோ. கார்த்திகேயன் பாண்டுரங்கள் தெரு, சி. எம். நடராஜன் மாரியம்மன்கோவில் தெரு, பர்கூர் 4) சி. விக்ரம் 60.சி.பி. ரோடு, பர்கூர் கிருஷ்ணகிரி மாவட்டம்.

குறிப்பு: காவேரிப்பட்டினம் மேற்கு ஒன்றியம் பின்னர் அறிவிக்கப்படும்.

கிருஷ்ணகிரி மேற்கு மாவட்டம்
ஒசூர் ஒன்றியம்

அமைப்பாளர் - பிரபுக்குமார் டி. பாரந்தூர் கிராமம், கிருஷ்ணகிரி மாவட்டம்.

துணை அமைப்பாளர்கள் - 1) வெங்கடசாமி டி. பாரந்தூர் கிராமம், கிருஷ்ணகிரி மாவட்டம். 2) மஞ்சுநாத் பியாரசப்பள்ளி கிராமம், கிருஷ்ணகிரி மாவட்டம். 3) வெங்கடேஷ் பியாரசப்பள்ளி கிராமம், கிருஷ்ணகிரி மாவட்டம். 4) பிரவீன் எஸ். முதுகானப்பள்ளி கிராமம், கிருஷ்ணகிரி மாவட்டம். 5) சிவகுமார் எஸ். முதுகானப்பள்ளி கிராமம், கிருஷ்ணகிரி மாவட்டம்.

வேப்பனப்பள்ளி கிழக்கு ஒன்றியம்

அமைப்பாளர் - எஸ். சண்முகம் நாச்சிகுப்பம் கிராமம், கிருஷ்ணகிரி மாவட்டம்.

துணை அமைப்பாளர்கள் - 1) எஸ். கணேஷ் வே. மாதேப்பள்ளி கிராமம், கிருஷ்ணகிரி மாவட்டம். 2) ராமன் பெத்தனப்பள்ளி கிராமம், கிருஷ்ணகிரி மாவட்டம். 3) அருண்குமார் மகராஜகடை கிராமம், கிருஷ்ணகிரி மாவட்டம். 4) ரஹ்மத்துல்லா கொங்கனத்தம் கிராமம், கிருஷ்ணகிரி மாவட்டம். 5) முருகன் நாரலப்பள்ளி கிராமம், கிருஷ்ணகிரி மாவட்டம்.

வேப்பனப்பள்ளி மேற்கு ஒன்றியம்

அமைப்பாளர் - முனியப்பன் பாலேகுளி கிராமம், கிருஷ்ணகிரி மாவட்டம்.

துணை அமைப்பாளர்கள் - 1) மணி வராகசந்திரம் கிராமம், கிருஷ்ணகிரி மாவட்டம். 2) சோமண்ணா விருப்பசந்திரம் கிராமம், கிருஷ்ணகிரி மாவட்டம். 3) நாராயணன் சிந்தகும்மனப்பள்ளி கிராமம், கிருஷ்ணகிரி மாவட்டம். 4) லிங்கோஜிராவ் விருப்பசந்திரம் கிராமம், கிருஷ்ணகிரி மாவட்டம். 5) கிருஷ்ணன் வராகசந்திரம் கிராமம், கிருஷ்ணகிரி மாவட்டம்.

சூளகிரி வடக்கு ஒன்றியம்

அமைப்பாளர் - ஆர். மோகன்குமார் பிள்ளை கொத்தூர் கிராமம், கிருஷ்ணகிரி மாவட்டம்.

துணை அமைப்பாளர்கள் - 1) என். ராமமூர்த்தி எஸ். தட்டனப்பள்ளி கிராமம், கிருஷ்ணகிரி மாவட்டம். 2) எம். மோகநாத் கலீம் ரஹமத் நகர், பேரிகை கிராமம், கிருஷ்ணகிரி மாவட்டம். 3) எஸ். மனோஜ்குமார் பி.எஸ். திம்மசந்திரம் கிராமம், கிருஷ்ணகிரி மாவட்டம். 4) மு. நாராயணப்பா சென்னசந்திரம் கிராமம், கிருஷ்ணகிரி மாவட்டம். 5) எஸ். வெங்கடேஷ் காமன்தொட்டி கிராமம், கிருஷ்ணகிரி மாவட்டம்.

சூளகிரி தெற்கு ஒன்றியம்

அமைப்பாளர் - ஆர். ரங்கநாதன் கூருகனப்பள்ளி கிராமம், கிருஷ்ணகிரி மாவட்டம்.

துணை அமைப்பாளர்கள் - 1) சி. ராஜேந்திரன் இம்மிடிநாயகனப்பள்ளி கிராமம், கிருஷ்ணகிரி மாவட்டம். 2) கே. ஜெயந்திரன் கீழ் தெரு, சூளகிரி கிராமம், கிருஷ்ணகிரி மாவட்டம். 3) சந்தோஷ்குமார் சுற்கனப்பள்ளி கிராமம், கிருஷ்ணகிரி மாவட்டம். 4) எஸ். கே. ஸ்ரீநிவாசன் கோட்டை தெரு, சூளகிரி கிராமம், கிருஷ்ணகிரி மாவட்டம். 5) சம்பத் கிருஷ்ணன் சாமல்பள்ளம் கிராமம், கிருஷ்ணகிரி மாவட்டம்.

கெலமங்கலம் கிழக்கு ஒன்றியம்

தலைவர் - திருப்பதி பஞ்சாயி நகர், ராயக்கோட்டை, கிருஷ்ணகிரி மாவட்டம்.

துணைத் தலைவர் - முனிராஜ் 1/59, தொட்டமேட்டரை கிராமம், ராயக்கோட்டை, கிருஷ்ணகிரி மாவட்டம்.

அமைப்பாளர் - எஸ். நடராஜ் 1/244, நெல்லூர் கிராமம், ராயக்கோட்டை, கிருஷ்ணகிரி மாவட்டம்.

துணை அமைப்பாளர்கள் - 1) சிவகுமார் 7/37, சூரப்பட்டி கிராமம், ராயக்கோட்டை, கிருஷ்ணகிரி மாவட்டம். 2) முருகேசன் 1/74, சொன்னேபுரம்பட்டி கிராமம், ராயக்கோட்டை, கிருஷ்ணகிரி மாவட்டம். 3) பழனிசேவல் 2/210, சஜ்ஜலப்பட்டி கிராமம், ராயக்கோட்டை, கிருஷ்ணகிரி மாவட்டம். 4) வெங்கடேஷ் 2/99, ஜெஜ்ஜலப்பட்டி கிராமம், ராயக்கோட்டை, கிருஷ்ணகிரி மாவட்டம். 5) குமார் 3/54, பாண்டமபட்டி கிராமம், ராயக்கோட்டை, கிருஷ்ணகிரி மாவட்டம்.

தளி வடக்கு ஒன்றியம்

அமைப்பாளர் - ஜி. கிருஷ்ணப்பா கதுலெண்டப்பள்ளி கிராமம், கிருஷ்ணகிரி மாவட்டம்.

துணை அமைப்பாளர்கள் - 1) ரமேஷ் மத்கூர் கிராமம், கிருஷ்ணகிரி மாவட்டம். 2) நந்தீஷ் நாகசந்திரம் கிராமம், கிருஷ்ணகிரி மாவட்டம். 3) சந்திரசேகர் அக்கொண்டபள்ளி கிராமம், கிருஷ்ணகிரி மாவட்டம். 4) ஸ்ரீகாந்த் தீத்தர் கிராமம், கிருஷ்ணகிரி மாவட்டம். 5) கேசவன் பேளூர் கிராமம், கிருஷ்ணகிரி மாவட்டம்.

தளி தெற்கு ஒன்றியம்

அமைப்பாளர் - ரேணுகா குமார் பனகமான் தொட்டி கிராமம், கிருஷ்ணகிரி மாவட்டம்.

துணை அமைப்பாளர்கள் - 1) சீனிவாசன் ஜவளகிரி கிராமம், கிருஷ்ணகிரி மாவட்டம் 2) மாதேஷ் மேடுமுத்துக்கோட்டைக் கிராமம், கிருஷ்ணகிரி மாவட்டம் 3) பச்சியப்பா நாகமங்கலம் கிராமம், கிருஷ்ணகிரி மாவட்டம். 4) ஹரிஷ் கெம்பத்பள்ளி கிராமம், கிருஷ்ணகிரி மாவட்டம் 5) விஜிகுமார் பசவபுரம் கிராமம், கிருஷ்ணகிரி மாவட்டம்.

கெலமங்கலம் மேற்கு ஒன்றியம்

தலைவர் - சஞ்சீவன் கொத்தப்பள்ளி கிராமம் கிருஷ்ணகிரி மாவட்டம்.

துணைத் தலைவர் - சேகர் கோட்டை உளிமங்கலம் கிராமம், கிருஷ்ணகிரி மாவட்டம்.

அமைப்பாளர் - உ.பேந்திரா ஒன்னுகுருக்கி கிராமம், கிருஷ்ணகிரி மாவட்டம்.

துணை அமைப்பாளர்கள் - 1) உதய கோட்டை உளிமங்கலம் கிராமம், கிருஷ்ணகிரி மாவட்டம் 2) தாயப்பா அலேசெட்டி கிராமம், கிருஷ்ணகிரி மாவட்டம் 3) ஆறுமுகம் ஜெக்கேரி கிராமம், கிருஷ்ணகிரி மாவட்டம் 4) ஆனந்தன் ஜெகேப்பட்டி கிராமம், கிருஷ்ணகிரி மாவட்டம் 5) ராஜேஷ் கோட்டை உளிமங்கலம் கிராமம், கிருஷ்ணகிரி மாவட்டம்.

அஞ்செட்டி ஒன்றியம்

அமைப்பாளர் - கோவிந்தராஜ் மல்லிகல் ஒட்டி கிராமம், கிருஷ்ணகிரி மாவட்டம்.

துணை அமைப்பாளர்கள் - 1)நாகராஜ்சித்தப்பனூர் கிராமம், கிருஷ்ணகிரி மாவட்டம் 2) மாதேஷ் அஞ்செட்டி கிராமம், கிருஷ்ணகிரி மாவட்டம் 3) நாகேஷ் எக்கனவூர் கிராமம், கிருஷ்ணகிரி மாவட்டம் 4) மலூர் கிராமம், கிருஷ்ணகிரி மாவட்டம் 5) ராஜு கால்வாய் கிராமம், கிருஷ்ணகிரி மாவட்டம்.

ஒசூர் மாநகரம்
ஒசூர் மேற்கு பகுதி

அமைப்பாளர் - பி. சந்தர் காந்தி ரோடு, ஜூஜூவாடி, ஒசூர் கிருஷ்ணகிரி மாவட்டம்.

துணை அமைப்பாளர்கள் - 1) சுரேஷ் உப்பர் ராஜ காளனி, ஒசூர், கிருஷ்ணகிரி மாவட்டம் 2) முருகதாஸ் என்.ஜி.ஜி.ஓ.எஸ். காலனி, ஒசூர். 3) டி. சேகர் உளிமங்கலம் 4) எம். மணிகண்டன் திருப்பதி நகர், ஒசூர். கிருஷ்ணகிரி மாவட்டம் 5) கே. விநோத்

தொடர்ச்சி V - ஆம் பக்கம்
